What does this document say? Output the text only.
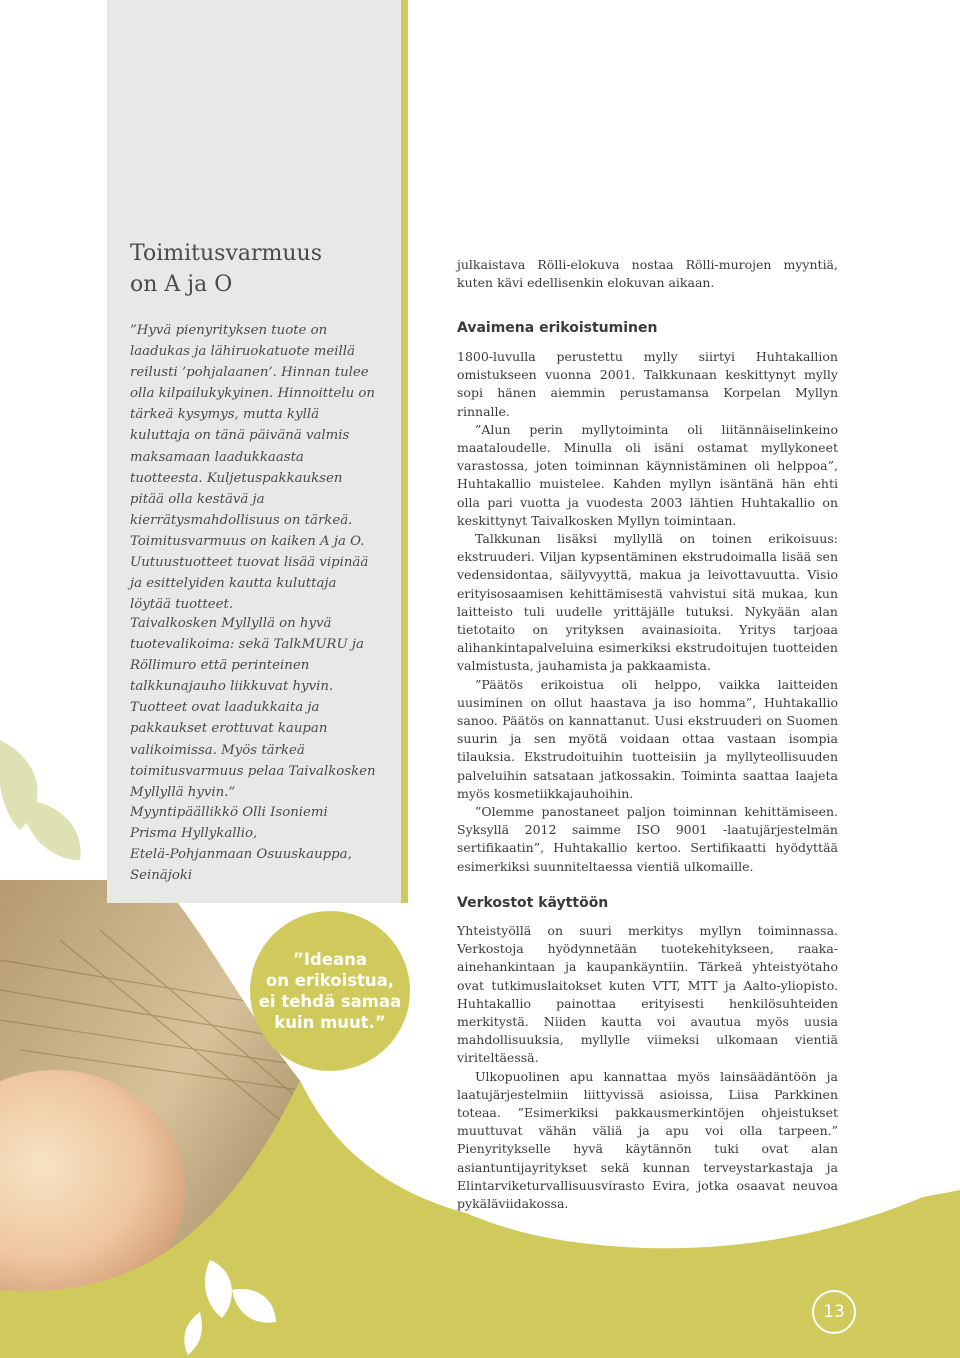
Toimitusvarmuus
on A ja O

”Hyvä pienyrityksen tuote on laadukas ja lähiruokatuote meillä reilusti ’pohjalaanen’. Hinnan tulee olla kilpailukykyinen. Hinnoittelu on tärkeä kysymys, mutta kyllä kuluttaja on tänä päivänä valmis maksamaan laadukkaasta tuotteesta. Kuljetuspakkauksen pitää olla kestävä ja kierrätysmahdollisuus on tärkeä. Toimitusvarmuus on kaiken A ja O. Uutuustuotteet tuovat lisää vipinää ja esittelyiden kautta kuluttaja löytää tuotteet.

Taivalkosken Myllyllä on hyvä tuotevalikoima: sekä TalkMURU ja Röllimuro että perinteinen talkkunajauho liikkuvat hyvin. Tuotteet ovat laadukkaita ja pakkaukset erottuvat kaupan valikoimissa. Myös tärkeä toimitusvarmuus pelaa Taivalkosken Myllyllä hyvin.”

Myyntipäällikkö Olli Isoniemi
Prisma Hyllykallio,
Etelä-Pohjanmaan Osuuskauppa,
Seinäjoki

”Ideana
on erikoistua,
ei tehdä samaa
kuin muut.”

julkaistava Rölli-elokuva nostaa Rölli-murojen myyntiä, kuten kävi edellisenkin elokuvan aikaan.

Avaimena erikoistuminen

1800-luvulla perustettu mylly siirtyi Huhtakallion omistukseen vuonna 2001. Talkkunaan keskittynyt mylly sopi hänen aiemmin perustamansa Korpelan Myllyn rinnalle.

”Alun perin myllytoiminta oli liitännäiselinkeino maataloudelle. Minulla oli isäni ostamat myllykoneet varastossa, joten toiminnan käynnistäminen oli helppoa”, Huhtakallio muistelee. Kahden myllyn isäntänä hän ehti olla pari vuotta ja vuodesta 2003 lähtien Huhtakallio on keskittynyt Taivalkosken Myllyn toimintaan.

Talkkunan lisäksi myllyllä on toinen erikoisuus: ekstruuderi. Viljan kypsentäminen ekstrudoimalla lisää sen vedensidontaa, säilyvyyttä, makua ja leivottavuutta. Visio erityisosaamisen kehittämisestä vahvistui sitä mukaa, kun laitteisto tuli uudelle yrittäjälle tutuksi. Nykyään alan tietotaito on yrityksen avainasioita. Yritys tarjoaa alihankintapalveluina esimerkiksi ekstrudoitujen tuotteiden valmistusta, jauhamista ja pakkaamista.

”Päätös erikoistua oli helppo, vaikka laitteiden uusiminen on ollut haastava ja iso homma”, Huhtakallio sanoo. Päätös on kannattanut. Uusi ekstruuderi on Suomen suurin ja sen myötä voidaan ottaa vastaan isompia tilauksia. Ekstrudoituihin tuotteisiin ja myllyteollisuuden palveluihin satsataan jatkossakin. Toiminta saattaa laajeta myös kosmetiikkajauhoihin.

”Olemme panostaneet paljon toiminnan kehittämiseen. Syksyllä 2012 saimme ISO 9001 -laatujärjestelmän sertifikaatin”, Huhtakallio kertoo. Sertifikaatti hyödyttää esimerkiksi suunniteltaessa vientiä ulkomaille.

Verkostot käyttöön

Yhteistyöllä on suuri merkitys myllyn toiminnassa. Verkostoja hyödynnetään tuotekehitykseen, raaka-ainehankintaan ja kaupankäyntiin. Tärkeä yhteistyötaho ovat tutkimuslaitokset kuten VTT, MTT ja Aalto-yliopisto. Huhtakallio painottaa erityisesti henkilösuhteiden merkitystä. Niiden kautta voi avautua myös uusia mahdollisuuksia, myllylle viimeksi ulkomaan vientiä viriteltäessä.

Ulkopuolinen apu kannattaa myös lainsäädäntöön ja laatujärjestelmiin liittyvissä asioissa, Liisa Parkkinen toteaa. ”Esimerkiksi pakkausmerkintöjen ohjeistukset muuttuvat vähän väliä ja apu voi olla tarpeen.” Pienyritykselle hyvä käytännön tuki ovat alan asiantuntijayritykset sekä kunnan terveystarkastaja ja Elintarviketurvallisuusvirasto Evira, jotka osaavat neuvoa pykäläviidakossa.

13
